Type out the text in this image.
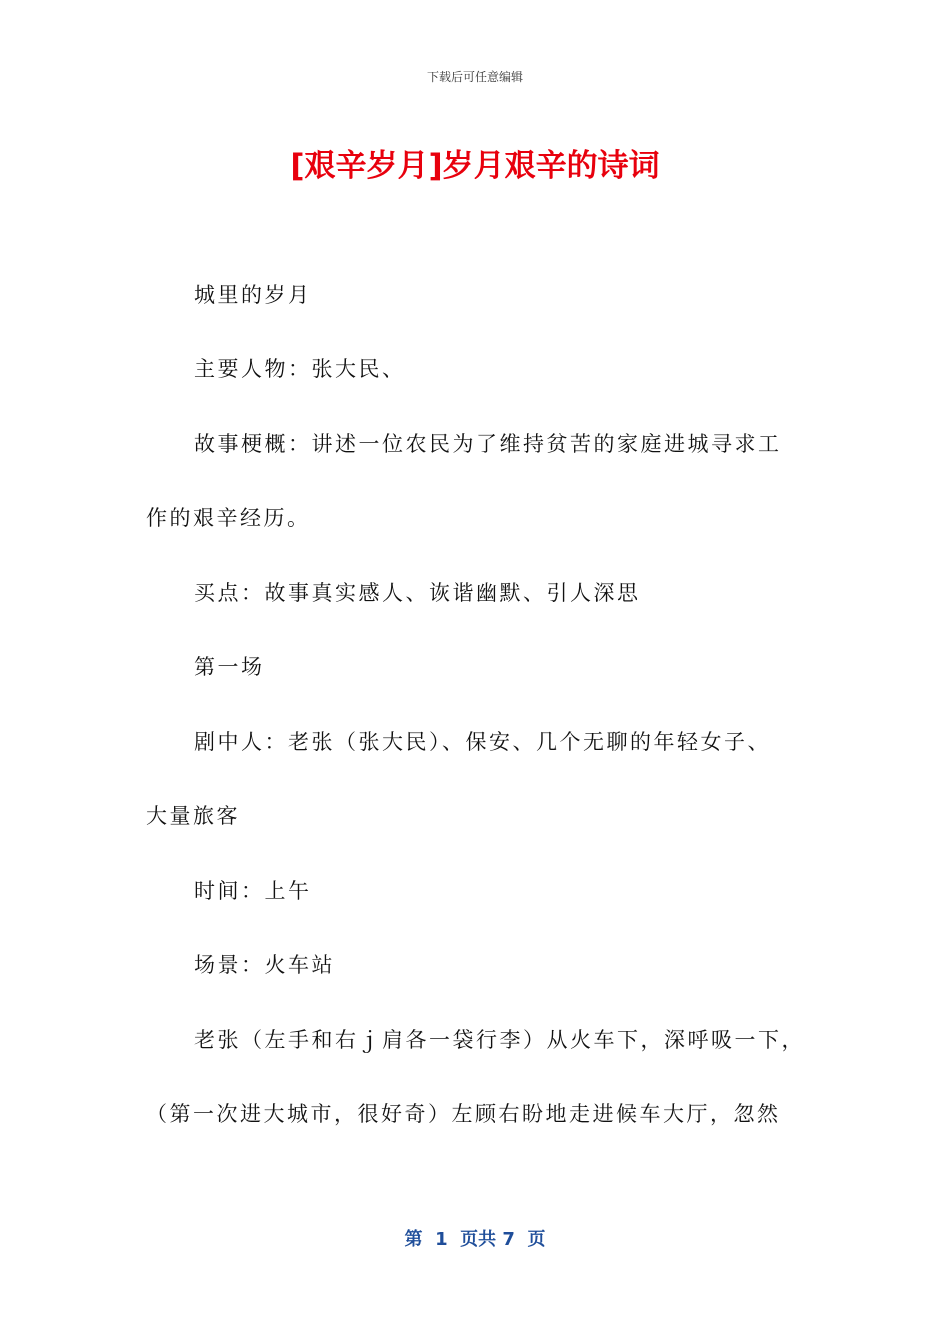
下载后可任意编辑
[艰辛岁月]岁月艰辛的诗词
城里的岁月
主要人物：张大民、
故事梗概：讲述一位农民为了维持贫苦的家庭进城寻求工
作的艰辛经历。
买点：故事真实感人、诙谐幽默、引人深思
第一场
剧中人：老张（张大民）、保安、几个无聊的年轻女子、
大量旅客
时间：上午
场景：火车站
老张（左手和右ｊ肩各一袋行李）从火车下，深呼吸一下，
（第一次进大城市，很好奇）左顾右盼地走进候车大厅，忽然
第  1  页共 7  页
